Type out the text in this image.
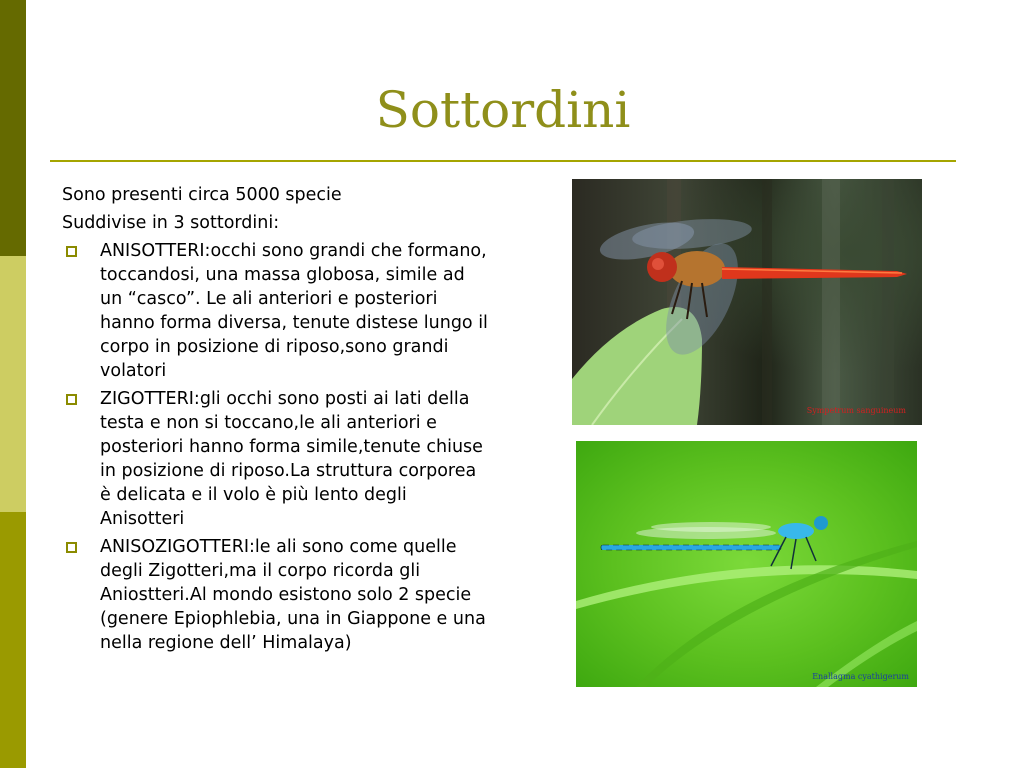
Sottordini

Sono presenti circa 5000 specie

Suddivise in 3 sottordini:

ANISOTTERI:occhi sono grandi che formano, toccandosi, una massa globosa, simile ad un “casco”. Le ali anteriori e posteriori hanno forma diversa, tenute distese lungo il corpo in posizione di riposo,sono grandi volatori
ZIGOTTERI:gli occhi sono posti ai lati della testa e non si toccano,le ali anteriori e posteriori hanno forma simile,tenute chiuse in posizione di riposo.La struttura corporea è delicata e il volo è più lento degli Anisotteri
ANISOZIGOTTERI:le ali sono come quelle degli Zigotteri,ma il corpo ricorda gli Aniostteri.Al mondo esistono solo 2 specie (genere Epiophlebia, una in Giappone e una nella regione dell’ Himalaya)
Sympetrum sanguineum
Enallagma cyathigerum
